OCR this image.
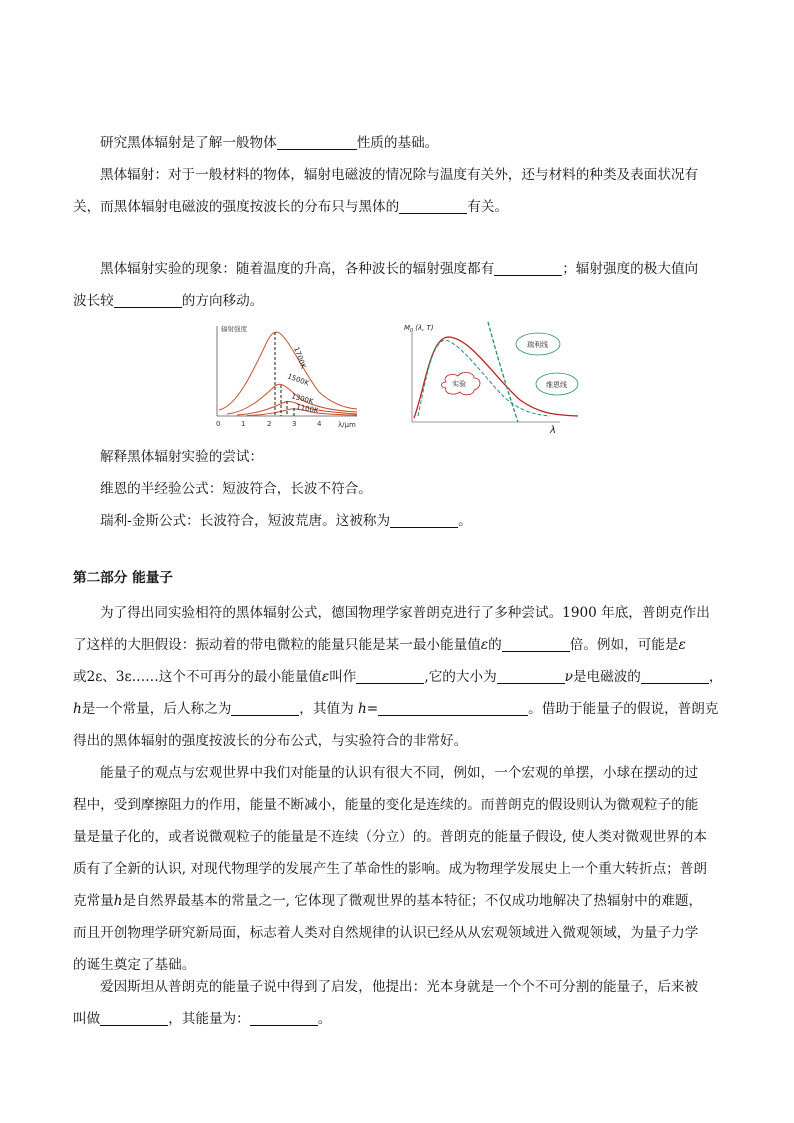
研究黑体辐射是了解一般物体	性质的基础。
黑体辐射：对于一般材料的物体，辐射电磁波的情况除与温度有关外，还与材料的种类及表面状况有
关，而黑体辐射电磁波的强度按波长的分布只与黑体的	有关。
黑体辐射实验的现象：随着温度的升高，各种波长的辐射强度都有	；辐射强度的极大值向
波长较	的方向移动。
辐射强度
1700K
1500K
1300K
1100K
0	1	2	3	4 λ/μm
$M_0$ (λ, T)
λ
瑞利线
维恩线
实验
解释黑体辐射实验的尝试：
维恩的半经验公式：短波符合，长波不符合。
瑞利-金斯公式：长波符合，短波荒唐。这被称为	。
第二部分 能量子
为了得出同实验相符的黑体辐射公式，德国物理学家普朗克进行了多种尝试。1900 年底，普朗克作出
了这样的大胆假设：振动着的带电微粒的能量只能是某一最小能量值ε的	倍。例如，可能是ε
或2ε、3ε……这个不可再分的最小能量值ε叫作	,它的大小为	ν是电磁波的	，
h是一个常量，后人称之为	，其值为 h=	。借助于能量子的假说，普朗克
得出的黑体辐射的强度按波长的分布公式，与实验符合的非常好。
能量子的观点与宏观世界中我们对能量的认识有很大不同，例如，一个宏观的单摆，小球在摆动的过
程中，受到摩擦阻力的作用，能量不断减小，能量的变化是连续的。而普朗克的假设则认为微观粒子的能
量是量子化的，或者说微观粒子的能量是不连续（分立）的。普朗克的能量子假设, 使人类对微观世界的本
质有了全新的认识, 对现代物理学的发展产生了革命性的影响。成为物理学发展史上一个重大转折点；普朗
克常量h是自然界最基本的常量之一, 它体现了微观世界的基本特征；不仅成功地解决了热辐射中的难题，
而且开创物理学研究新局面，标志着人类对自然规律的认识已经从从宏观领域进入微观领域，为量子力学
的诞生奠定了基础。
爱因斯坦从普朗克的能量子说中得到了启发，他提出：光本身就是一个个不可分割的能量子，后来被
叫做	，其能量为：	。
